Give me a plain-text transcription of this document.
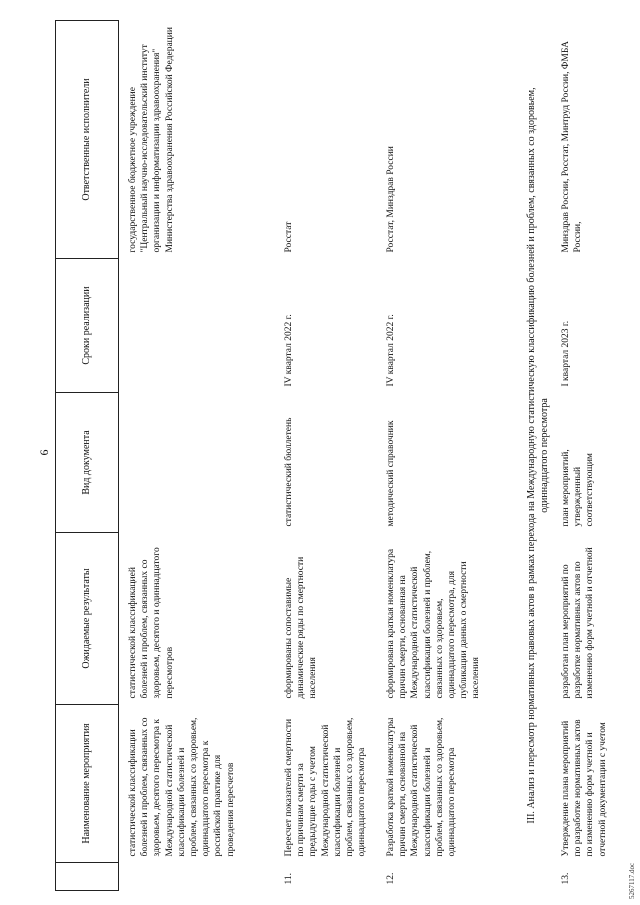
6
	Наименование мероприятия	Ожидаемые результаты	Вид документа	Сроки реализации	Ответственные исполнители
	статистической классификации болезней и проблем, связанных со здоровьем, десятого пересмотра к Международной статистической классификации болезней и проблем, связанных со здоровьем, одиннадцатого пересмотра к российской практике для проведения пересчетов	статистической классификацией болезней и проблем, связанных со здоровьем, десятого и одиннадцатого пересмотров			государственное бюджетное учреждение "Центральный научно-исследовательский институт организации и информатизации здравоохранения" Министерства здравоохранения Российской Федерации
11.	Пересчет показателей смертности по причинам смерти за предыдущие годы с учетом Международной статистической классификации болезней и проблем, связанных со здоровьем, одиннадцатого пересмотра	сформированы сопоставимые динамические ряды по смертности населения	статистический бюллетень	IV квартал 2022 г.	Росстат
12.	Разработка краткой номенклатуры причин смерти, основанной на Международной статистической классификации болезней и проблем, связанных со здоровьем, одиннадцатого пересмотра	сформирована краткая номенклатура причин смерти, основанная на Международной статистической классификации болезней и проблем, связанных со здоровьем, одиннадцатого пересмотра, для публикации данных о смертности населения	методический справочник	IV квартал 2022 г.	Росстат, Минздрав России
III. Анализ и пересмотр нормативных правовых актов в рамках перехода на Международную статистическую классификацию болезней и проблем, связанных со здоровьем, одиннадцатого пересмотра					
13.	Утверждение плана мероприятий по разработке нормативных актов по изменению форм учетной и отчетной документации с учетом	разработан план мероприятий по разработке нормативных актов по изменению форм учетной и отчетной	план мероприятий, утвержденный соответствующим	I квартал 2023 г.	Минздрав России, Росстат, Минтруд России, ФМБА России,
5267117.doc
